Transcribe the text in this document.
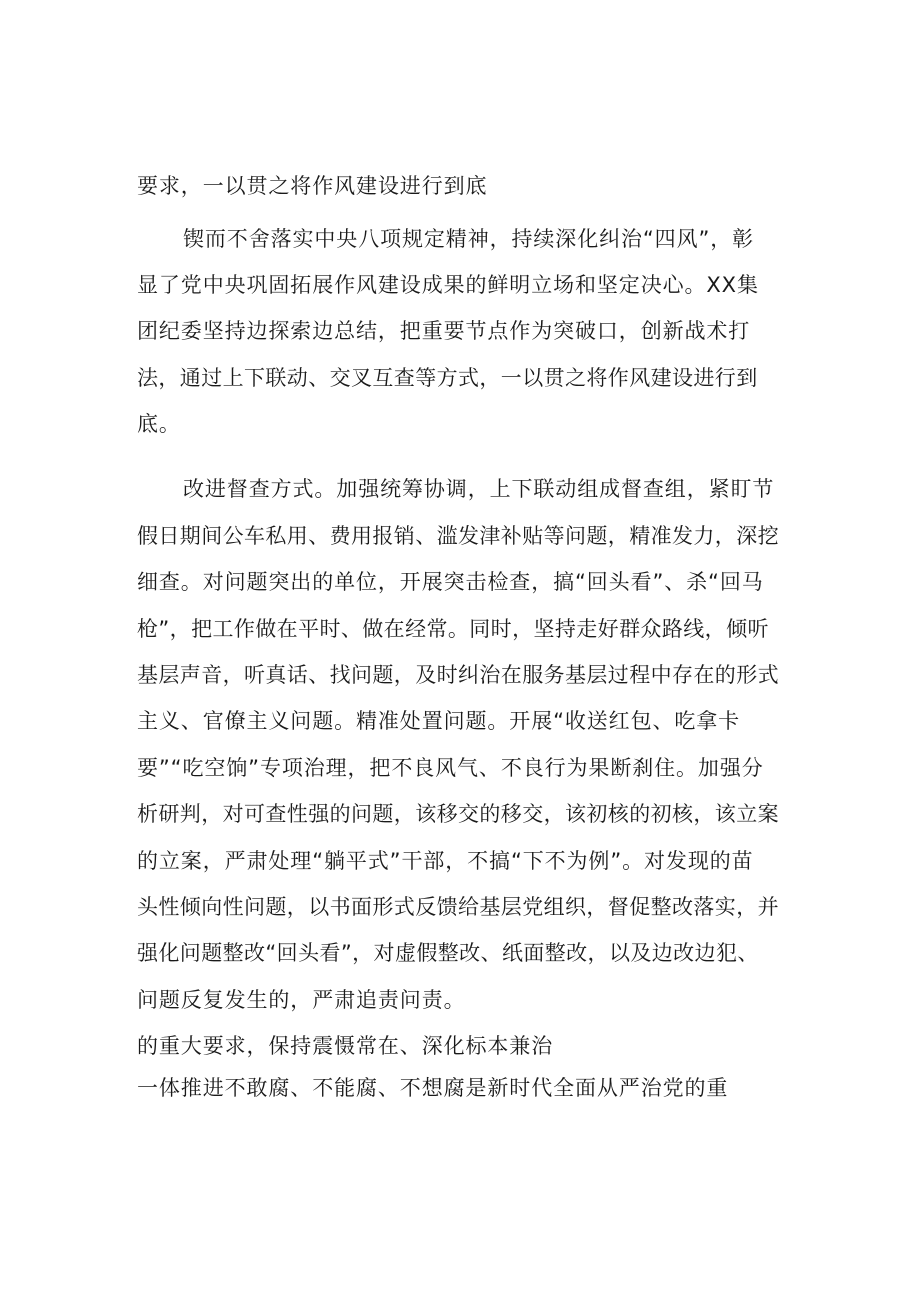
要求，一以贯之将作风建设进行到底
锲而不舍落实中央八项规定精神，持续深化纠治“四风”，彰
显了党中央巩固拓展作风建设成果的鲜明立场和坚定决心。XX集
团纪委坚持边探索边总结，把重要节点作为突破口，创新战术打
法，通过上下联动、交叉互查等方式，一以贯之将作风建设进行到
底。
改进督查方式。加强统筹协调，上下联动组成督查组，紧盯节
假日期间公车私用、费用报销、滥发津补贴等问题，精准发力，深挖
细查。对问题突出的单位，开展突击检查，搞“回头看”、杀“回马
枪”，把工作做在平时、做在经常。同时，坚持走好群众路线，倾听
基层声音，听真话、找问题，及时纠治在服务基层过程中存在的形式
主义、官僚主义问题。精准处置问题。开展“收送红包、吃拿卡
要”“吃空饷”专项治理，把不良风气、不良行为果断刹住。加强分
析研判，对可查性强的问题，该移交的移交，该初核的初核，该立案
的立案，严肃处理“躺平式”干部，不搞“下不为例”。对发现的苗
头性倾向性问题，以书面形式反馈给基层党组织，督促整改落实，并
强化问题整改“回头看”，对虚假整改、纸面整改，以及边改边犯、
问题反复发生的，严肃追责问责。
的重大要求，保持震慑常在、深化标本兼治
一体推进不敢腐、不能腐、不想腐是新时代全面从严治党的重
